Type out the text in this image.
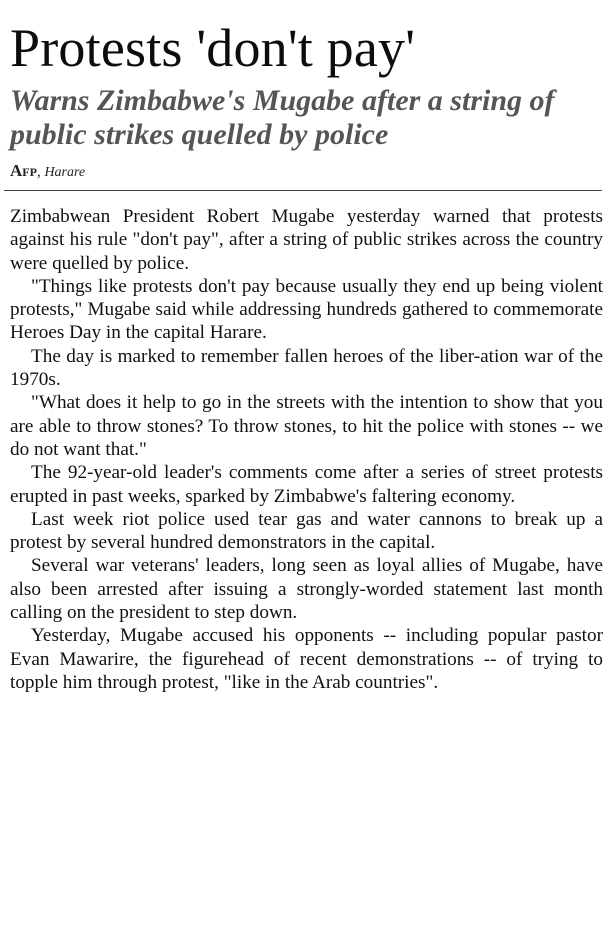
Protests 'don't pay'
Warns Zimbabwe's Mugabe after a string of public strikes quelled by police
Afp, Harare

Zimbabwean President Robert Mugabe yesterday warned that protests against his rule "don't pay", after a string of public strikes across the country were quelled by police.

"Things like protests don't pay because usually they end up being violent protests," Mugabe said while addressing hundreds gathered to commemorate Heroes Day in the capital Harare.

The day is marked to remember fallen heroes of the liber-ation war of the 1970s.

"What does it help to go in the streets with the intention to show that you are able to throw stones? To throw stones, to hit the police with stones -- we do not want that."

The 92-year-old leader's comments come after a series of street protests erupted in past weeks, sparked by Zimbabwe's faltering economy.

Last week riot police used tear gas and water cannons to break up a protest by several hundred demonstrators in the capital.

Several war veterans' leaders, long seen as loyal allies of Mugabe, have also been arrested after issuing a strongly-worded statement last month calling on the president to step down.

Yesterday, Mugabe accused his opponents -- including popular pastor Evan Mawarire, the figurehead of recent demonstrations -- of trying to topple him through protest, "like in the Arab countries".
